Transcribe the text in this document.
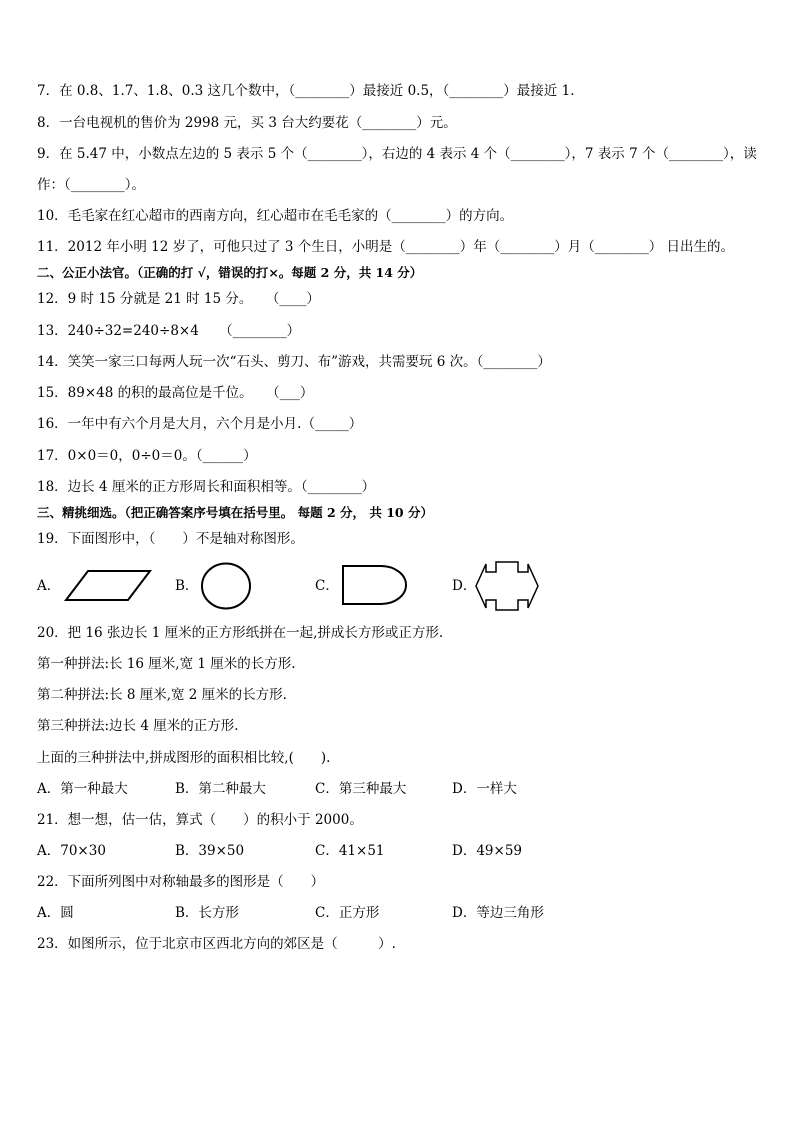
7．在 0.8、1.7、1.8、0.3 这几个数中，（________）最接近 0.5，（________）最接近 1.
8．一台电视机的售价为 2998 元，买 3 台大约要花（________）元。
9．在 5.47 中，小数点左边的 5 表示 5 个（________），右边的 4 表示 4 个（________），7 表示 7 个（________），读
作：（________）。
10．毛毛家在红心超市的西南方向，红心超市在毛毛家的（________）的方向。
11．2012 年小明 12 岁了，可他只过了 3 个生日，小明是（________）年（________）月（________） 日出生的。
二、公正小法官。（正确的打 √，错误的打×。每题 2 分，共 14 分）
12．9 时 15 分就是 21 时 15 分。　　（____）
13．240÷32=240÷8×4　　（________）
14．笑笑一家三口每两人玩一次“石头、剪刀、布”游戏，共需要玩 6 次。（________）
15．89×48 的积的最高位是千位。　　（___）
16．一年中有六个月是大月，六个月是小月.（_____）
17．0×0＝0，0÷0＝0。（______）
18．边长 4 厘米的正方形周长和面积相等。（________）
三、精挑细选。（把正确答案序号填在括号里。 每题 2 分， 共 10 分）
19．下面图形中，（　　）不是轴对称图形。
A．	B．	C．	D．
20．把 16 张边长 1 厘米的正方形纸拼在一起,拼成长方形或正方形.
第一种拼法:长 16 厘米,宽 1 厘米的长方形.
第二种拼法:长 8 厘米,宽 2 厘米的长方形.
第三种拼法:边长 4 厘米的正方形.
上面的三种拼法中,拼成图形的面积相比较,(　　).
A．第一种最大	B．第二种最大	C．第三种最大	D．一样大
21．想一想，估一估，算式（　　）的积小于 2000。
A．70×30	B．39×50	C．41×51	D．49×59
22．下面所列图中对称轴最多的图形是（　　）
A．圆	B．长方形	C．正方形	D．等边三角形
23．如图所示，位于北京市区西北方向的郊区是（　　　）.
